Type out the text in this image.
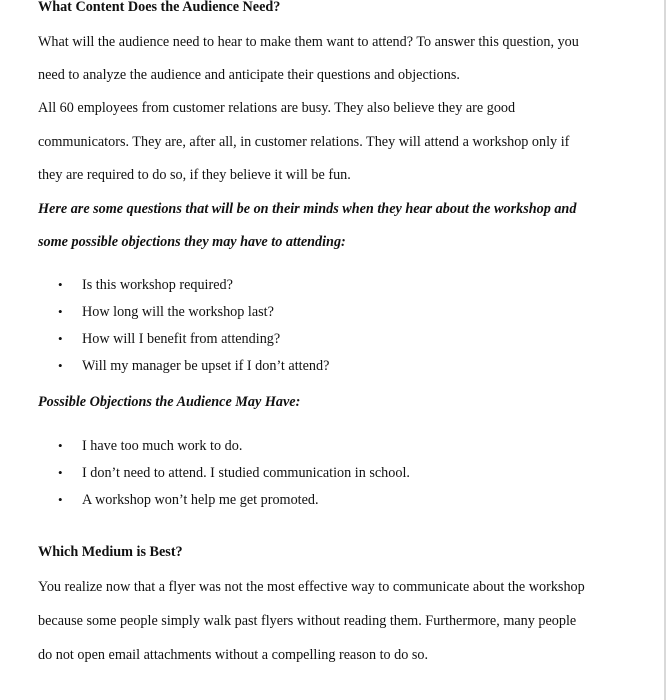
What Content Does the Audience Need?
What will the audience need to hear to make them want to attend? To answer this question, you
need to analyze the audience and anticipate their questions and objections.
All 60 employees from customer relations are busy. They also believe they are good
communicators. They are, after all, in customer relations. They will attend a workshop only if
they are required to do so, if they believe it will be fun.
Here are some questions that will be on their minds when they hear about the workshop and
some possible objections they may have to attending:
• Is this workshop required?
• How long will the workshop last?
• How will I benefit from attending?
• Will my manager be upset if I don’t attend?
Possible Objections the Audience May Have:
• I have too much work to do.
• I don’t need to attend. I studied communication in school.
• A workshop won’t help me get promoted.
Which Medium is Best?
You realize now that a flyer was not the most effective way to communicate about the workshop
because some people simply walk past flyers without reading them. Furthermore, many people
do not open email attachments without a compelling reason to do so.
